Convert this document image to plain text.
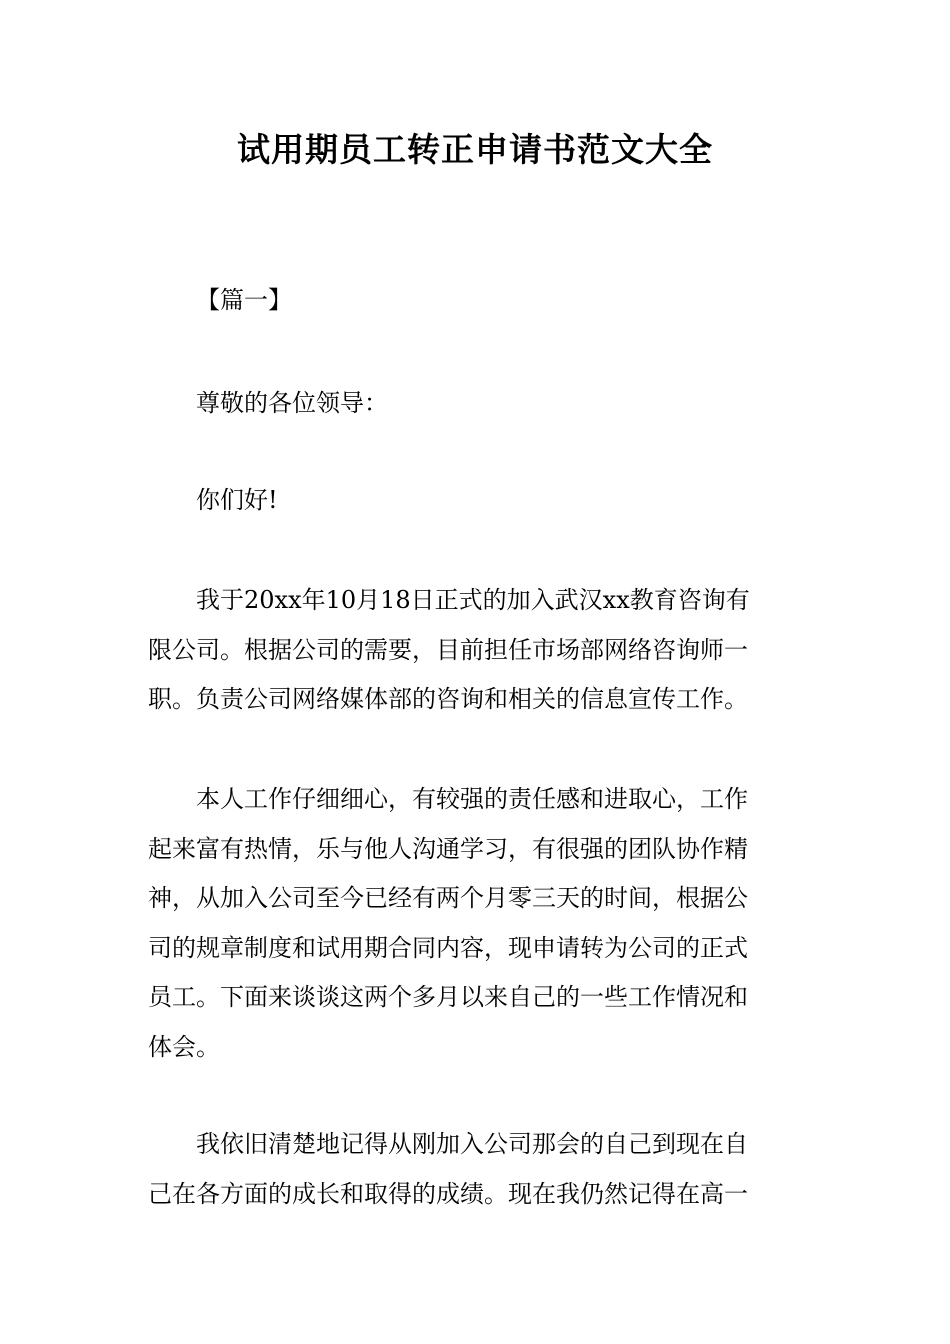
试用期员工转正申请书范文大全

【篇一】

尊敬的各位领导：

你们好!

我于20xx年10月18日正式的加入武汉xx教育咨询有
限公司。根据公司的需要，目前担任市场部网络咨询师一
职。负责公司网络媒体部的咨询和相关的信息宣传工作。
本人工作仔细细心，有较强的责任感和进取心，工作
起来富有热情，乐与他人沟通学习，有很强的团队协作精
神，从加入公司至今已经有两个月零三天的时间，根据公
司的规章制度和试用期合同内容，现申请转为公司的正式
员工。下面来谈谈这两个多月以来自己的一些工作情况和
体会。
我依旧清楚地记得从刚加入公司那会的自己到现在自
己在各方面的成长和取得的成绩。现在我仍然记得在高一
